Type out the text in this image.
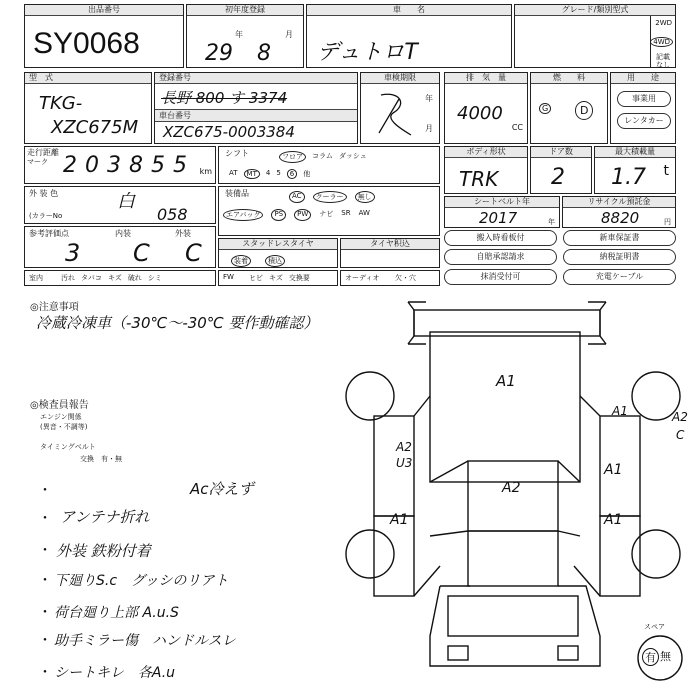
出品番号
SY0068
初年度登録
年	月
29 8
車　　名
デュトロT
グレード/類別型式
2WD
4WD
記載なし
型　式
TKG-
XZC675M
登録番号
長野 800 す 3374
車台番号
XZC675-0003384
車検期限
年
月
排　気　量
4000
CC
燃　　料
G	D
用　　途
事業用
レンタカー
走行距離
マーク 2 0 3 8 5 5	km
シフト	フロア	コラム ダッシュ
AT	MT	4 5	6	他
ボディ形状
TRK
ドア数
2
最大積載量
1.7 t
外 装 色
(カラーNo
白
058
装備品	AC	クーラー	無し
エアバッグ	PS	PW	ナビ SR AW
シートベルト年
2017	年
リサイクル預託金
8820	円
参考評価点	内装	外装
3 C C	スタッドレスタイヤ
装着	積込
タイヤ积込
搬入時看板付	新車保証書
自賠承認請求	納税証明書
抹消受付可	充電ケーブル
室内	汚れ タバコ キズ 破れ シミ	FW ヒビ キズ 交換要	オーディオ 欠・穴
◎注意事項
冷蔵冷凍車（-30℃～-30℃ 要作動確認）
◎検査員報告
エンジン関係
(異音・不調等)
タイミングベルト
交換　有・無
・	Ac冷えず
・ アンテナ折れ
・ 外装 鉄粉付着
・ 下廻りS.c　グッシのリアト
・ 荷台廻り上部 A.u.S
・ 助手ミラー傷　ハンドルスレ
・ シートキレ　各A.u
A1
A2
A1
A1
A1
A2
U3
A1	A2
C
スペア
有 無
